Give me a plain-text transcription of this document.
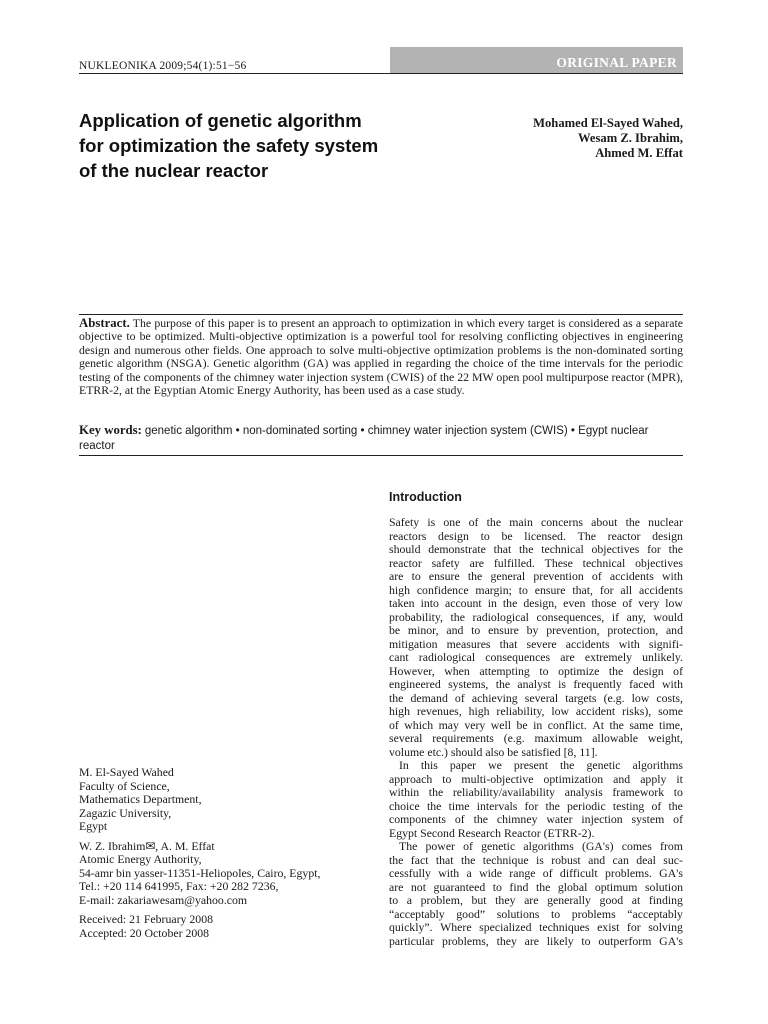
ORIGINAL PAPER
NUKLEONIKA 2009;54(1):51−56
Application of genetic algorithm
for optimization the safety system
of the nuclear reactor
Mohamed El-Sayed Wahed,
Wesam Z. Ibrahim,
Ahmed M. Effat
Abstract. The purpose of this paper is to present an approach to optimization in which every target is considered as a separate objective to be optimized. Multi-objective optimization is a powerful tool for resolving conflicting objectives in engineering design and numerous other fields. One approach to solve multi-objective optimization problems is the non-dominated sorting genetic algorithm (NSGA). Genetic algorithm (GA) was applied in regarding the choice of the time intervals for the periodic testing of the components of the chimney water injection system (CWIS) of the 22 MW open pool multipurpose reactor (MPR), ETRR-2, at the Egyptian Atomic Energy Authority, has been used as a case study.
Key words: genetic algorithm • non-dominated sorting • chimney water injection system (CWIS) • Egypt nuclear reactor
Introduction
Safety is one of the main concerns about the nuclear
reactors design to be licensed. The reactor design
should demonstrate that the technical objectives for the
reactor safety are fulfilled. These technical objectives
are to ensure the general prevention of accidents with
high confidence margin; to ensure that, for all accidents
taken into account in the design, even those of very low
probability, the radiological consequences, if any, would
be minor, and to ensure by prevention, protection, and
mitigation measures that severe accidents with signifi-
cant radiological consequences are extremely unlikely.
However, when attempting to optimize the design of
engineered systems, the analyst is frequently faced with
the demand of achieving several targets (e.g. low costs,
high revenues, high reliability, low accident risks), some
of which may very well be in conflict. At the same time,
several requirements (e.g. maximum allowable weight,
volume etc.) should also be satisfied [8, 11].
In this paper we present the genetic algorithms
approach to multi-objective optimization and apply it
within the reliability/availability analysis framework to
choice the time intervals for the periodic testing of the
components of the chimney water injection system of
Egypt Second Research Reactor (ETRR-2).
The power of genetic algorithms (GA's) comes from
the fact that the technique is robust and can deal suc-
cessfully with a wide range of difficult problems. GA's
are not guaranteed to find the global optimum solution
to a problem, but they are generally good at finding
“acceptably good” solutions to problems “acceptably
quickly”. Where specialized techniques exist for solving
particular problems, they are likely to outperform GA's
M. El-Sayed Wahed
Faculty of Science,
Mathematics Department,
Zagazic University,
Egypt
W. Z. Ibrahim✉, A. M. Effat
Atomic Energy Authority,
54-amr bin yasser-11351-Heliopoles, Cairo, Egypt,
Tel.: +20 114 641995, Fax: +20 282 7236,
E-mail: zakariawesam@yahoo.com
Received: 21 February 2008
Accepted: 20 October 2008
